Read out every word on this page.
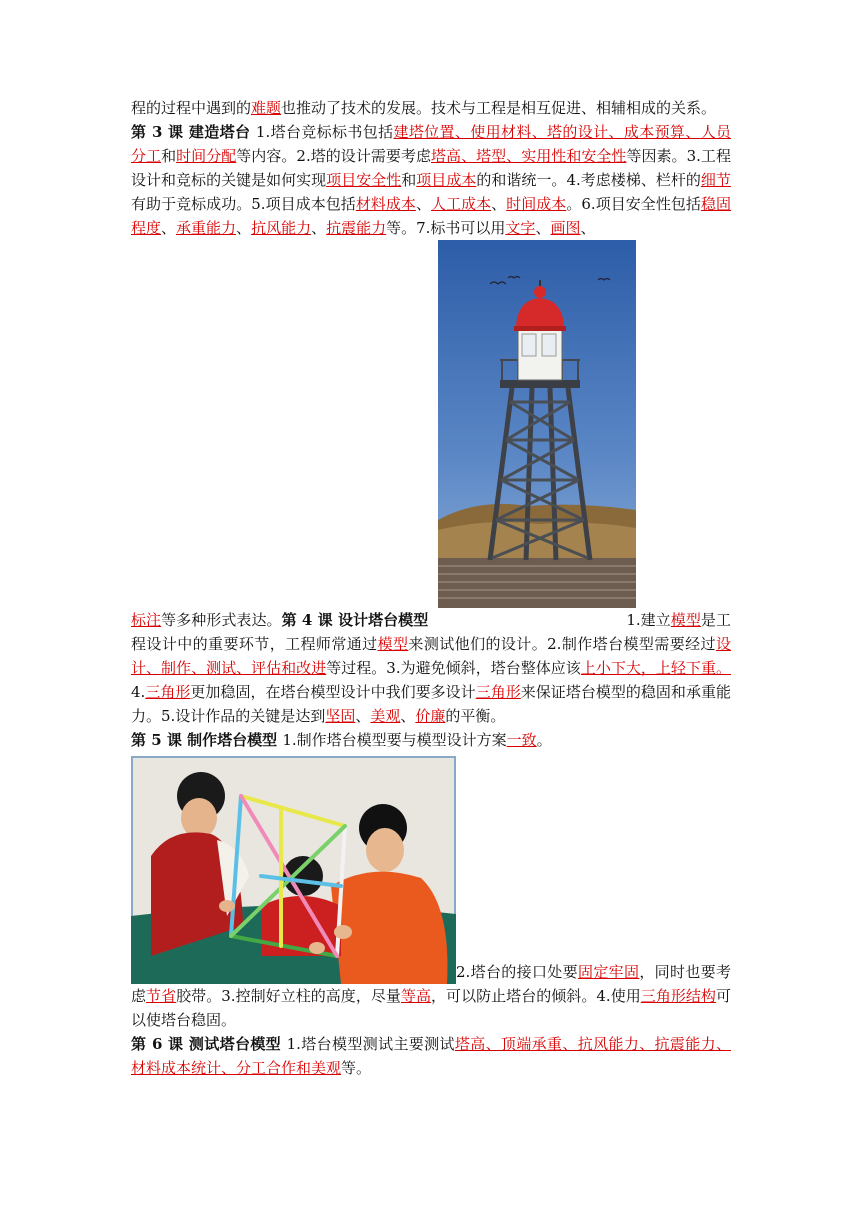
程的过程中遇到的难题也推动了技术的发展。技术与工程是相互促进、相辅相成的关系。

第 3 课 建造塔台 1.塔台竞标标书包括建塔位置、使用材料、塔的设计、成本预算、人员分工和时间分配等内容。2.塔的设计需要考虑塔高、塔型、实用性和安全性等因素。3.工程设计和竞标的关键是如何实现项目安全性和项目成本的和谐统一。4.考虑楼梯、栏杆的细节有助于竞标成功。5.项目成本包括材料成本、人工成本、时间成本。6.项目安全性包括稳固程度、承重能力、抗风能力、抗震能力等。7.标书可以用文字、画图、
标注等多种形式表达。第 4 课 设计塔台模型	1.建立模型是工程设计中的重要环节，工程师常通过模型来测试他们的设计。2.制作塔台模型需要经过设计、制作、测试、评估和改进等过程。3.为避免倾斜，塔台整体应该上小下大，上轻下重。4.三角形更加稳固，在塔台模型设计中我们要多设计三角形来保证塔台模型的稳固和承重能力。5.设计作品的关键是达到坚固、美观、价廉的平衡。
第 5 课 制作塔台模型 1.制作塔台模型要与模型设计方案一致。
2.塔台的接口处要固定牢固，同时也要考虑节省胶带。3.控制好立柱的高度，尽量等高，可以防止塔台的倾斜。4.使用三角形结构可以使塔台稳固。
第 6 课 测试塔台模型 1.塔台模型测试主要测试塔高、顶端承重、抗风能力、抗震能力、材料成本统计、分工合作和美观等。
